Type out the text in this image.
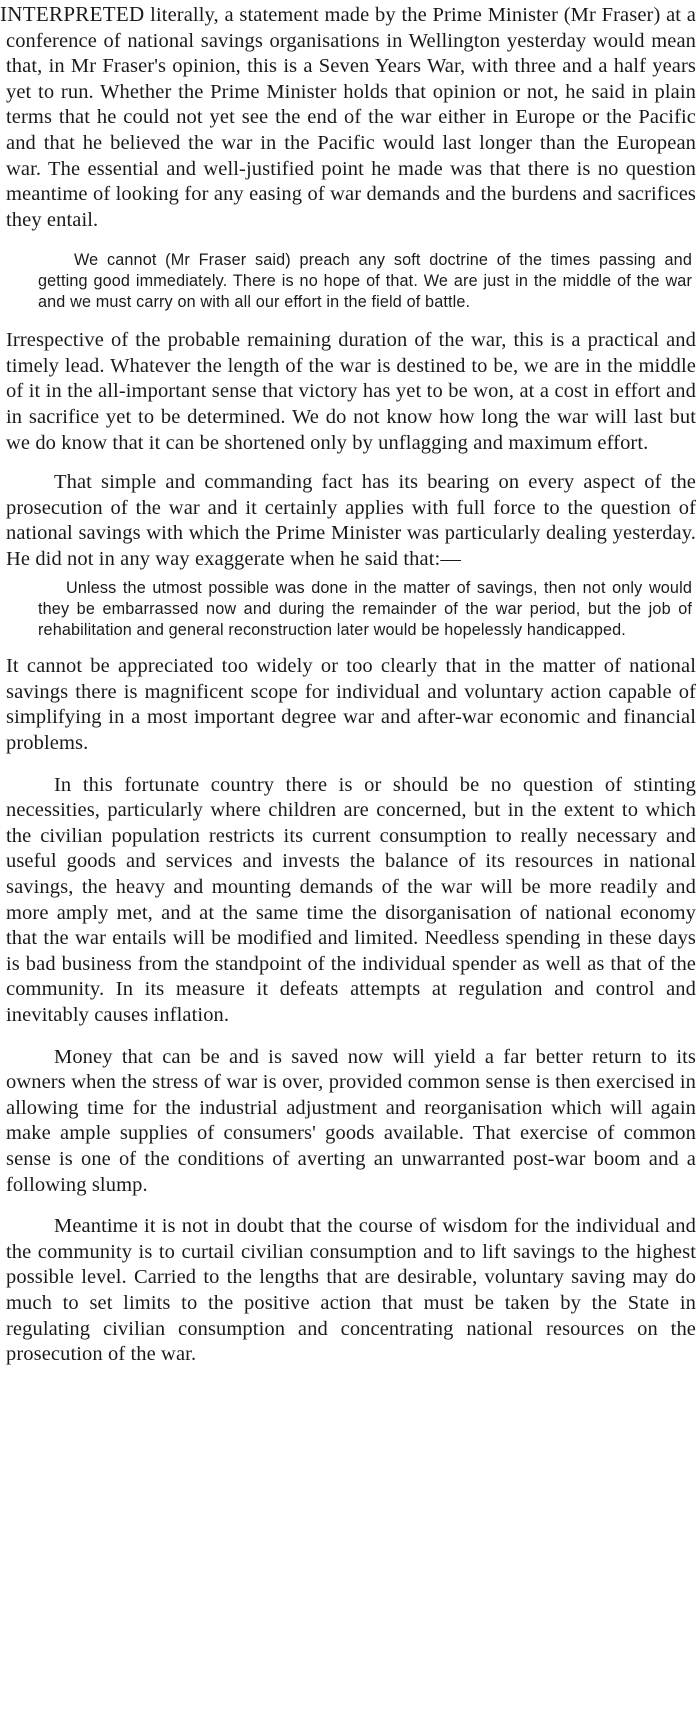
INTERPRETED literally, a statement made by the Prime Minister (Mr Fraser) at a conference of national savings organisations in Wellington yesterday would mean that, in Mr Fraser's opinion, this is a Seven Years War, with three and a half years yet to run. Whether the Prime Minister holds that opinion or not, he said in plain terms that he could not yet see the end of the war either in Europe or the Pacific and that he believed the war in the Pacific would last longer than the European war. The essential and well-justified point he made was that there is no question meantime of looking for any easing of war demands and the burdens and sacrifices they entail.

We cannot (Mr Fraser said) preach any soft doctrine of the times passing and getting good immediately. There is no hope of that. We are just in the middle of the war and we must carry on with all our effort in the field of battle.

Irrespective of the probable remaining duration of the war, this is a practical and timely lead. Whatever the length of the war is destined to be, we are in the middle of it in the all-important sense that victory has yet to be won, at a cost in effort and in sacrifice yet to be determined. We do not know how long the war will last but we do know that it can be shortened only by unflagging and maximum effort.

That simple and commanding fact has its bearing on every aspect of the prosecution of the war and it certainly applies with full force to the question of national savings with which the Prime Minister was particularly dealing yesterday. He did not in any way exaggerate when he said that:—

Unless the utmost possible was done in the matter of savings, then not only would they be embarrassed now and during the remainder of the war period, but the job of rehabilitation and general reconstruction later would be hopelessly handicapped.

It cannot be appreciated too widely or too clearly that in the matter of national savings there is magnificent scope for individual and voluntary action capable of simplifying in a most important degree war and after-war economic and financial problems.

In this fortunate country there is or should be no question of stinting necessities, particularly where children are concerned, but in the extent to which the civilian population restricts its current consumption to really necessary and useful goods and services and invests the balance of its resources in national savings, the heavy and mounting demands of the war will be more readily and more amply met, and at the same time the disorganisation of national economy that the war entails will be modified and limited. Needless spending in these days is bad business from the standpoint of the individual spender as well as that of the community. In its measure it defeats attempts at regulation and control and inevitably causes inflation.

Money that can be and is saved now will yield a far better return to its owners when the stress of war is over, provided common sense is then exercised in allowing time for the industrial adjustment and reorganisation which will again make ample supplies of consumers' goods available. That exercise of common sense is one of the conditions of averting an unwarranted post-war boom and a following slump.

Meantime it is not in doubt that the course of wisdom for the individual and the community is to curtail civilian consumption and to lift savings to the highest possible level. Carried to the lengths that are desirable, voluntary saving may do much to set limits to the positive action that must be taken by the State in regulating civilian consumption and concentrating national resources on the prosecution of the war.
